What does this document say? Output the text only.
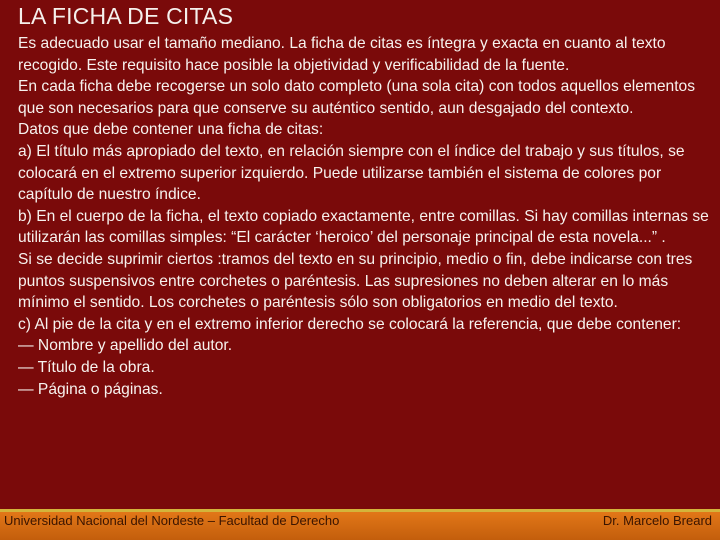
LA FICHA DE CITAS

Es adecuado usar el tamaño mediano. La ficha de citas es íntegra y exacta en cuanto al texto recogido. Este requisito hace posible la objetividad y verificabilidad de la fuente.

En cada ficha debe recogerse un solo dato completo (una sola cita) con todos aquellos elementos que son necesarios para que conserve su auténtico sentido, aun desgajado del contexto.

Datos que debe contener una ficha de citas:

a) El título más apropiado del texto, en relación siempre con el índice del trabajo y sus títulos, se colocará en el extremo superior izquierdo. Puede utilizarse también el sistema de colores por capítulo de nuestro índice.

b) En el cuerpo de la ficha, el texto copiado exactamente, entre comillas. Si hay comillas internas se utilizarán las comillas simples: “El carácter ‘heroico’ del personaje principal de esta novela...” .

Si se decide suprimir ciertos :tramos del texto en su principio, medio o fin, debe indicarse con tres puntos suspensivos entre corchetes o paréntesis. Las supresiones no deben alterar en lo más mínimo el sentido. Los corchetes o paréntesis sólo son obligatorios en medio del texto.

c) Al pie de la cita y en el extremo inferior derecho se colocará la referencia, que debe contener:

— Nombre y apellido del autor.

— Título de la obra.

— Página o páginas.

Universidad Nacional del Nordeste – Facultad de Derecho	Dr. Marcelo Breard
